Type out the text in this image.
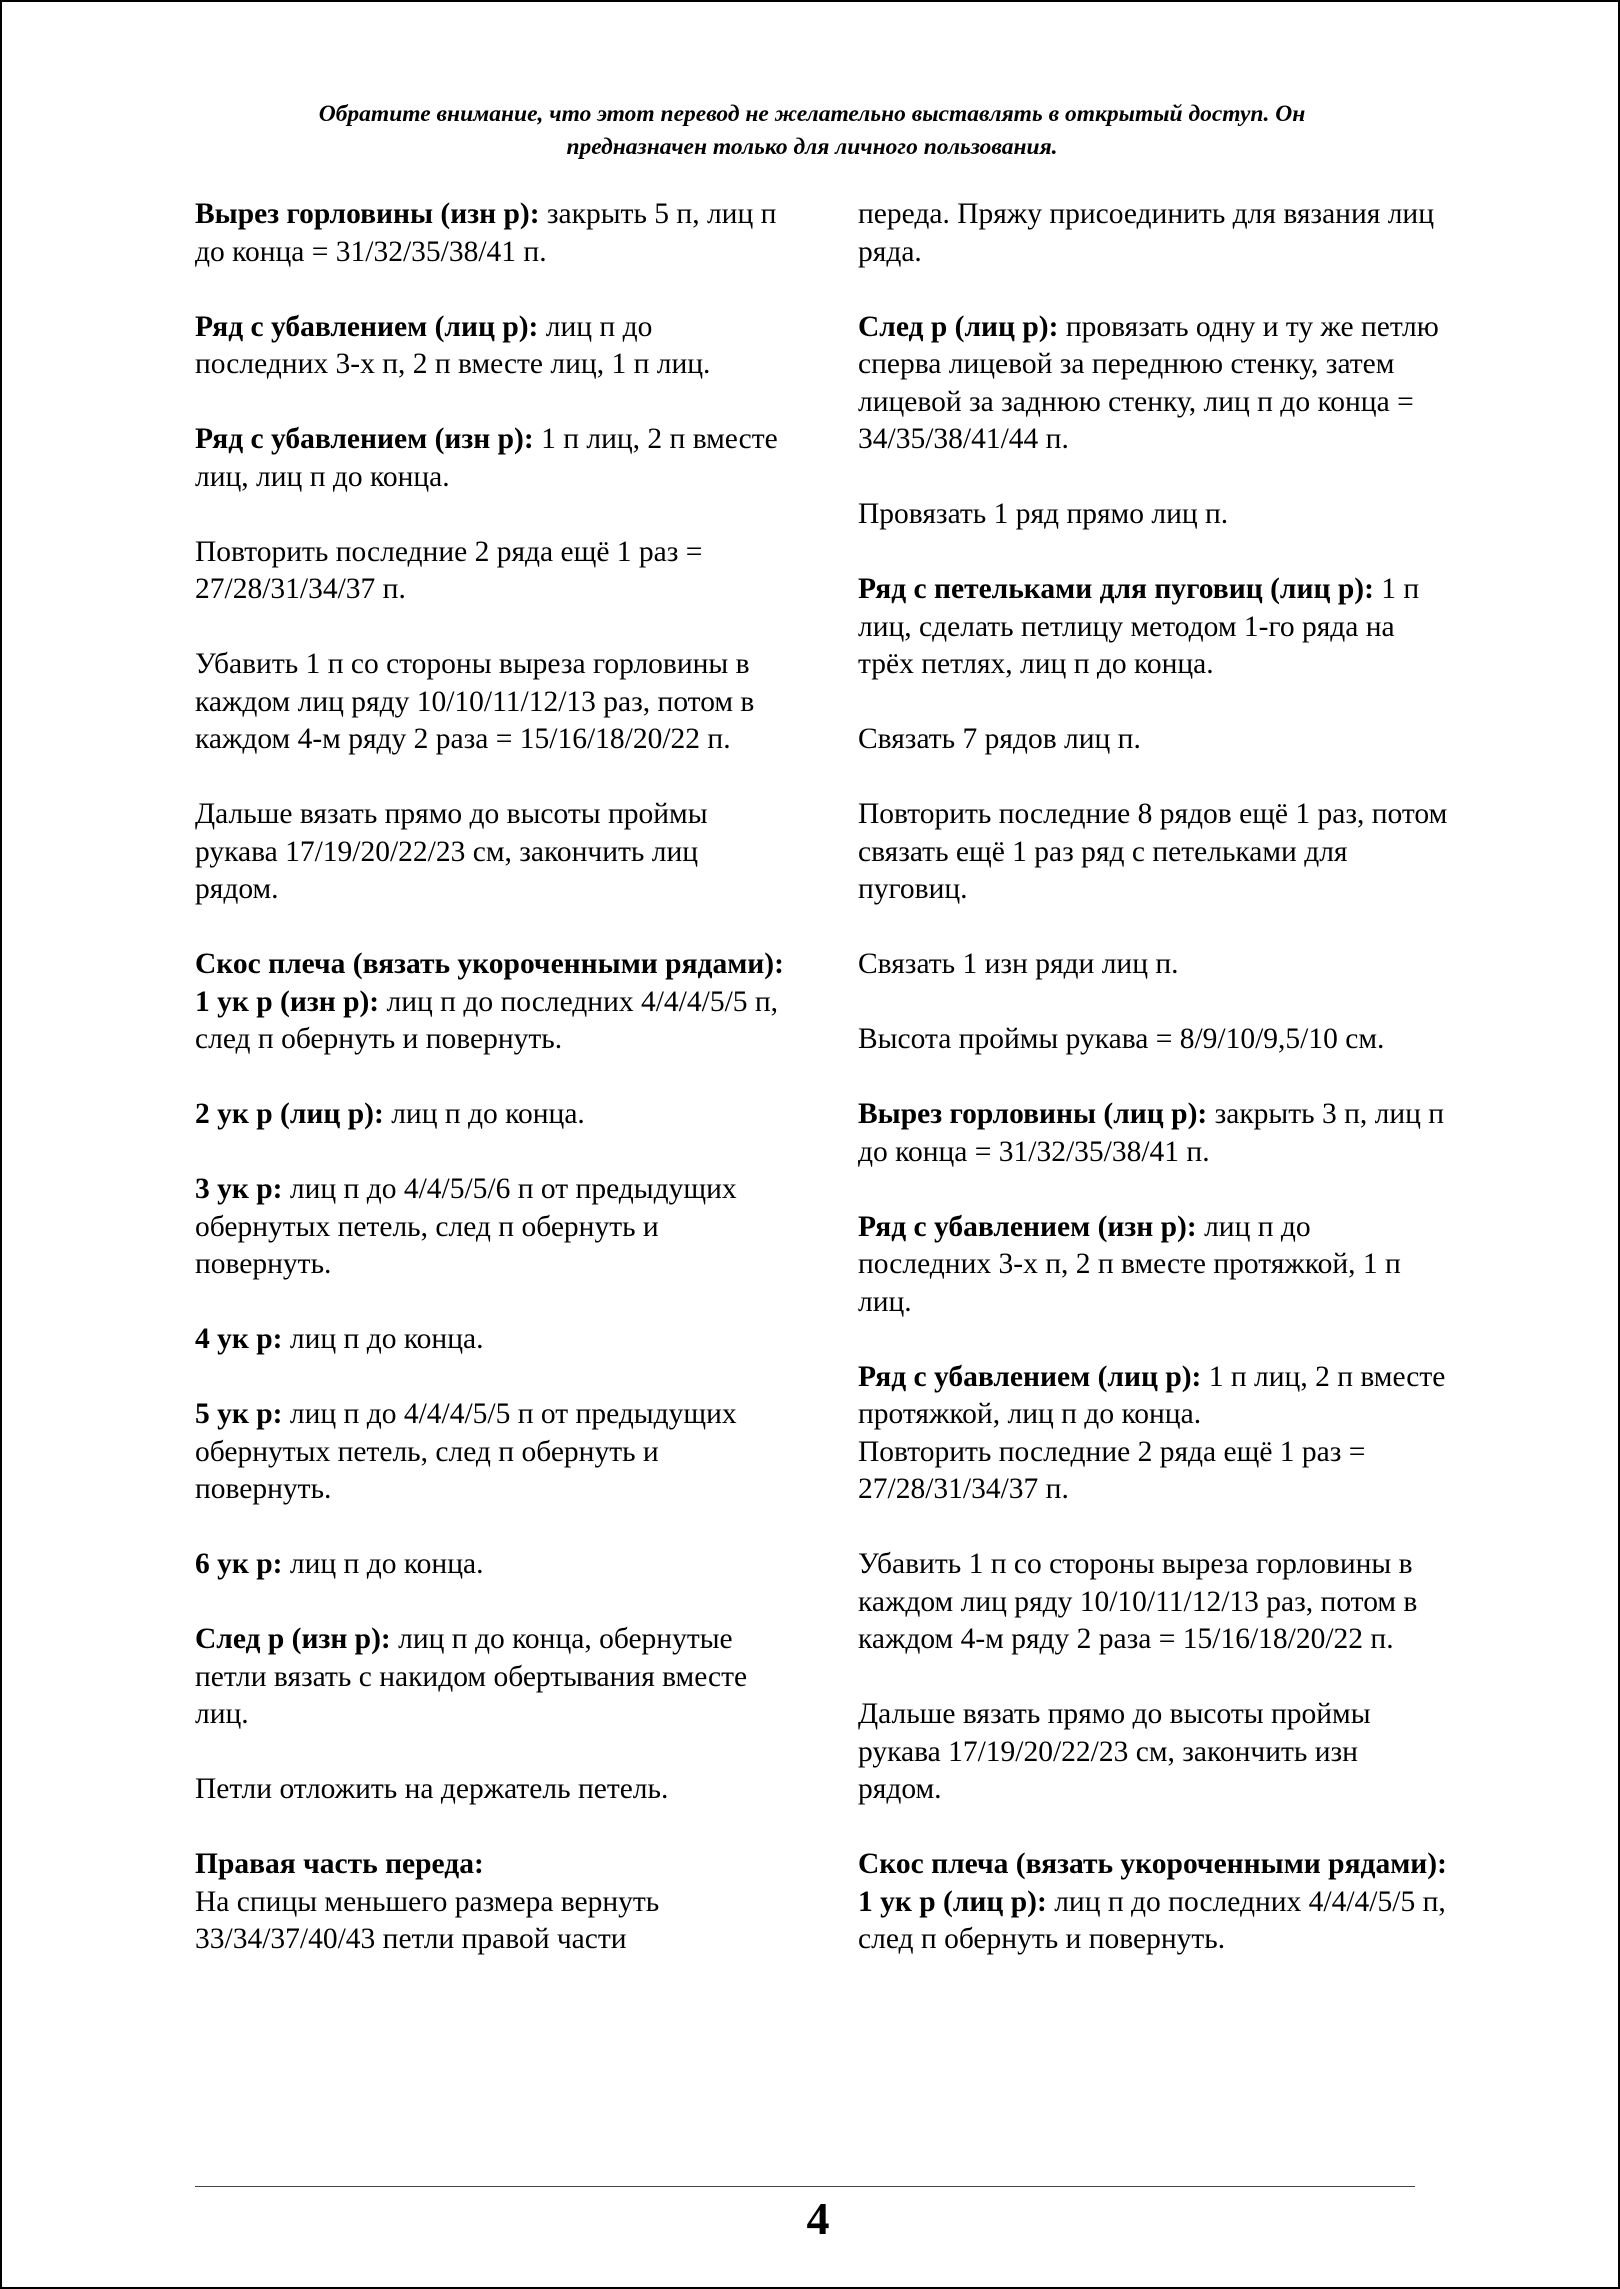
Обратите внимание, что этот перевод не желательно выставлять в открытый доступ. Он
предназначен только для личного пользования.

Вырез горловины (изн р): закрыть 5 п, лиц п до конца = 31/32/35/38/41 п.

Ряд с убавлением (лиц р): лиц п до последних 3-х п, 2 п вместе лиц, 1 п лиц.

Ряд с убавлением (изн р): 1 п лиц, 2 п вместе лиц, лиц п до конца.

Повторить последние 2 ряда ещё 1 раз = 27/28/31/34/37 п.

Убавить 1 п со стороны выреза горловины в каждом лиц ряду 10/10/11/12/13 раз, потом в каждом 4-м ряду 2 раза = 15/16/18/20/22 п.

Дальше вязать прямо до высоты проймы рукава 17/19/20/22/23 см, закончить лиц рядом.

Скос плеча (вязать укороченными рядами):

1 ук р (изн р): лиц п до последних 4/4/4/5/5 п, след п обернуть и повернуть.

2 ук р (лиц р): лиц п до конца.

3 ук р: лиц п до 4/4/5/5/6 п от предыдущих обернутых петель, след п обернуть и повернуть.

4 ук р: лиц п до конца.

5 ук р: лиц п до 4/4/4/5/5 п от предыдущих обернутых петель, след п обернуть и повернуть.

6 ук р: лиц п до конца.

След р (изн р): лиц п до конца, обернутые петли вязать с накидом обертывания вместе лиц.

Петли отложить на держатель петель.

Правая часть переда:

На спицы меньшего размера вернуть 33/34/37/40/43 петли правой части

переда. Пряжу присоединить для вязания лиц ряда.

След р (лиц р): провязать одну и ту же петлю сперва лицевой за переднюю стенку, затем лицевой за заднюю стенку, лиц п до конца = 34/35/38/41/44 п.

Провязать 1 ряд прямо лиц п.

Ряд с петельками для пуговиц (лиц р): 1 п лиц, сделать петлицу методом 1-го ряда на трёх петлях, лиц п до конца.

Связать 7 рядов лиц п.

Повторить последние 8 рядов ещё 1 раз, потом связать ещё 1 раз ряд с петельками для пуговиц.

Связать 1 изн ряди лиц п.

Высота проймы рукава = 8/9/10/9,5/10 см.

Вырез горловины (лиц р): закрыть 3 п, лиц п до конца = 31/32/35/38/41 п.

Ряд с убавлением (изн р): лиц п до последних 3-х п, 2 п вместе протяжкой, 1 п лиц.

Ряд с убавлением (лиц р): 1 п лиц, 2 п вместе протяжкой, лиц п до конца.

Повторить последние 2 ряда ещё 1 раз = 27/28/31/34/37 п.

Убавить 1 п со стороны выреза горловины в каждом лиц ряду 10/10/11/12/13 раз, потом в каждом 4-м ряду 2 раза = 15/16/18/20/22 п.

Дальше вязать прямо до высоты проймы рукава 17/19/20/22/23 см, закончить изн рядом.

Скос плеча (вязать укороченными рядами):

1 ук р (лиц р): лиц п до последних 4/4/4/5/5 п, след п обернуть и повернуть.

4
